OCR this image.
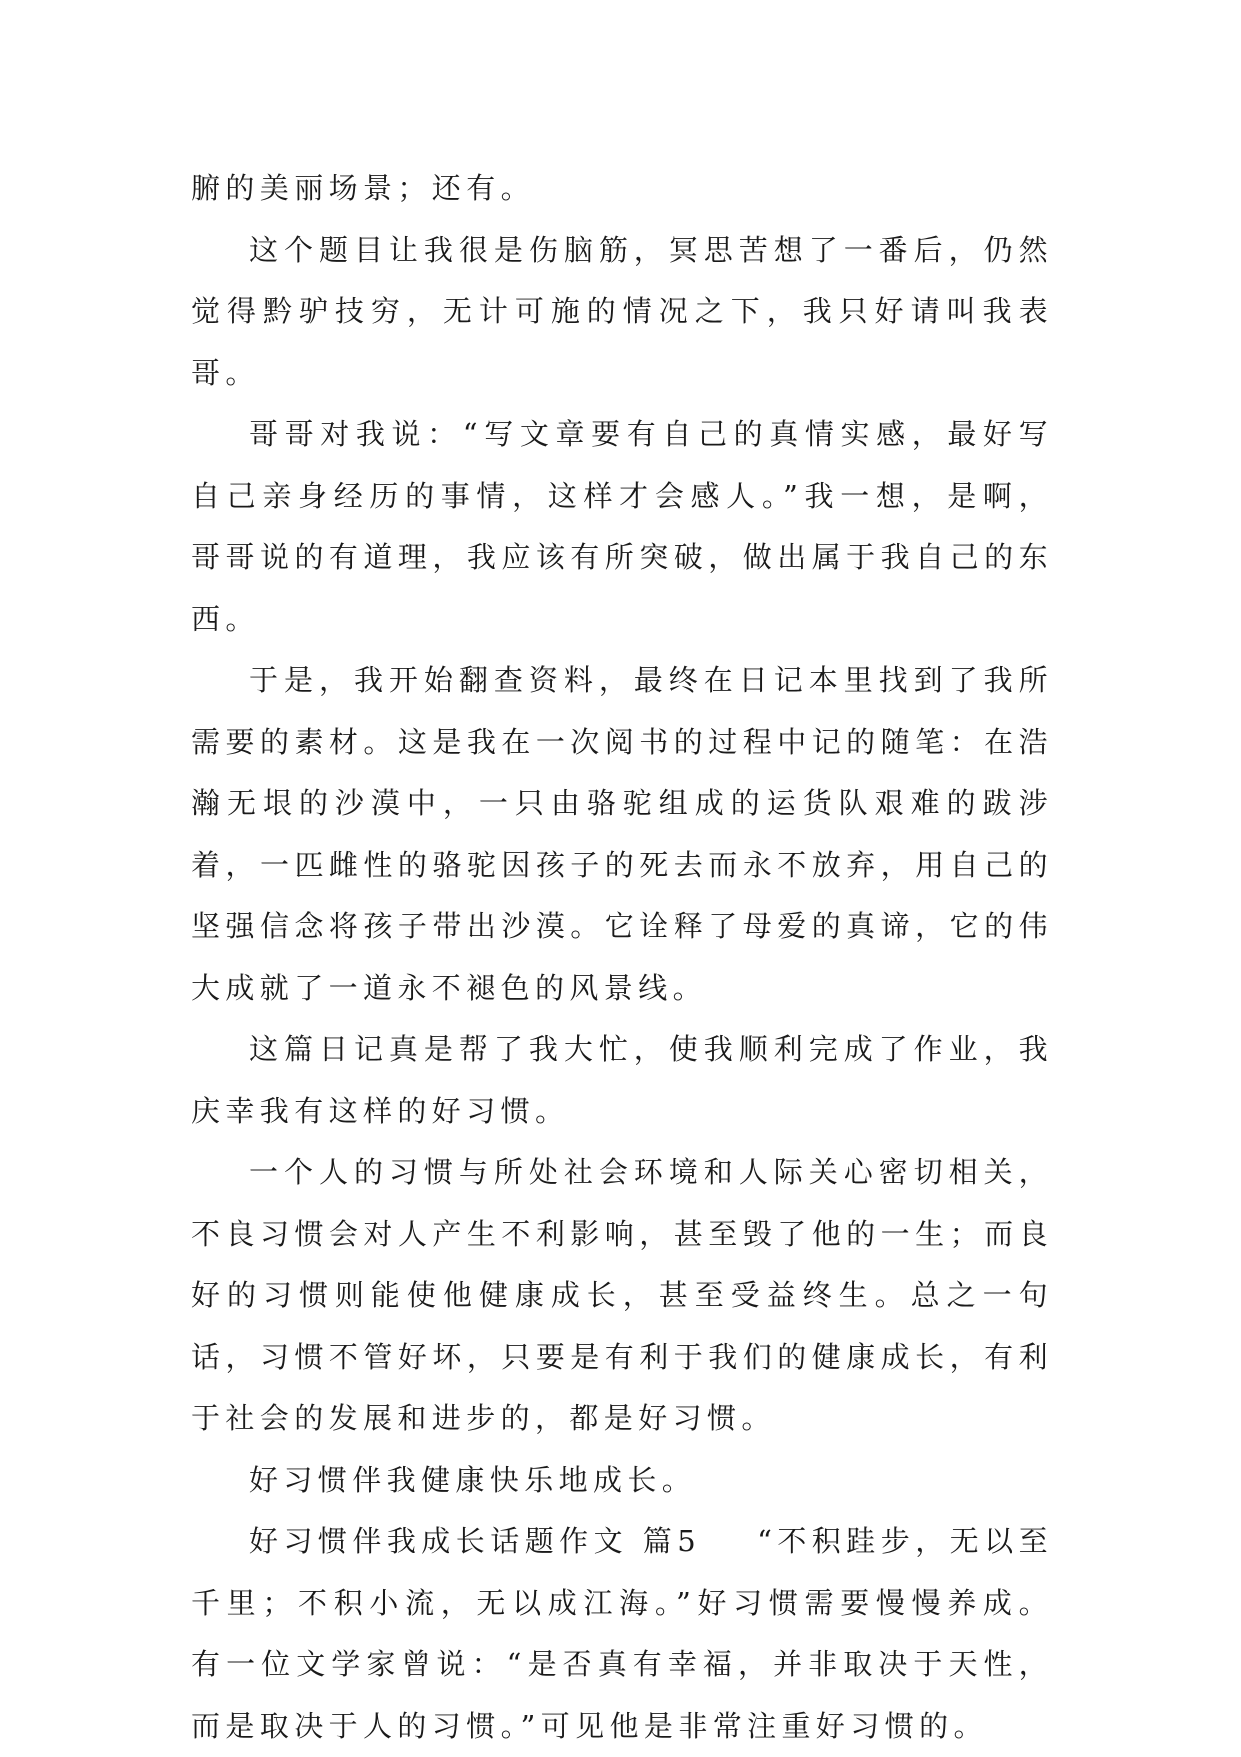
腑的美丽场景；还有。

这个题目让我很是伤脑筋，冥思苦想了一番后，仍然觉得黔驴技穷，无计可施的情况之下，我只好请叫我表哥。

哥哥对我说：“写文章要有自己的真情实感，最好写自己亲身经历的事情，这样才会感人。”我一想，是啊，哥哥说的有道理，我应该有所突破，做出属于我自己的东西。

于是，我开始翻查资料，最终在日记本里找到了我所需要的素材。这是我在一次阅书的过程中记的随笔：在浩瀚无垠的沙漠中，一只由骆驼组成的运货队艰难的跋涉着，一匹雌性的骆驼因孩子的死去而永不放弃，用自己的坚强信念将孩子带出沙漠。它诠释了母爱的真谛，它的伟大成就了一道永不褪色的风景线。

这篇日记真是帮了我大忙，使我顺利完成了作业，我庆幸我有这样的好习惯。

一个人的习惯与所处社会环境和人际关心密切相关，不良习惯会对人产生不利影响，甚至毁了他的一生；而良好的习惯则能使他健康成长，甚至受益终生。总之一句话，习惯不管好坏，只要是有利于我们的健康成长，有利于社会的发展和进步的，都是好习惯。

好习惯伴我健康快乐地成长。

好习惯伴我成长话题作文 篇5 “不积跬步，无以至千里；不积小流，无以成江海。”好习惯需要慢慢养成。有一位文学家曾说：“是否真有幸福，并非取决于天性，而是取决于人的习惯。”可见他是非常注重好习惯的。
